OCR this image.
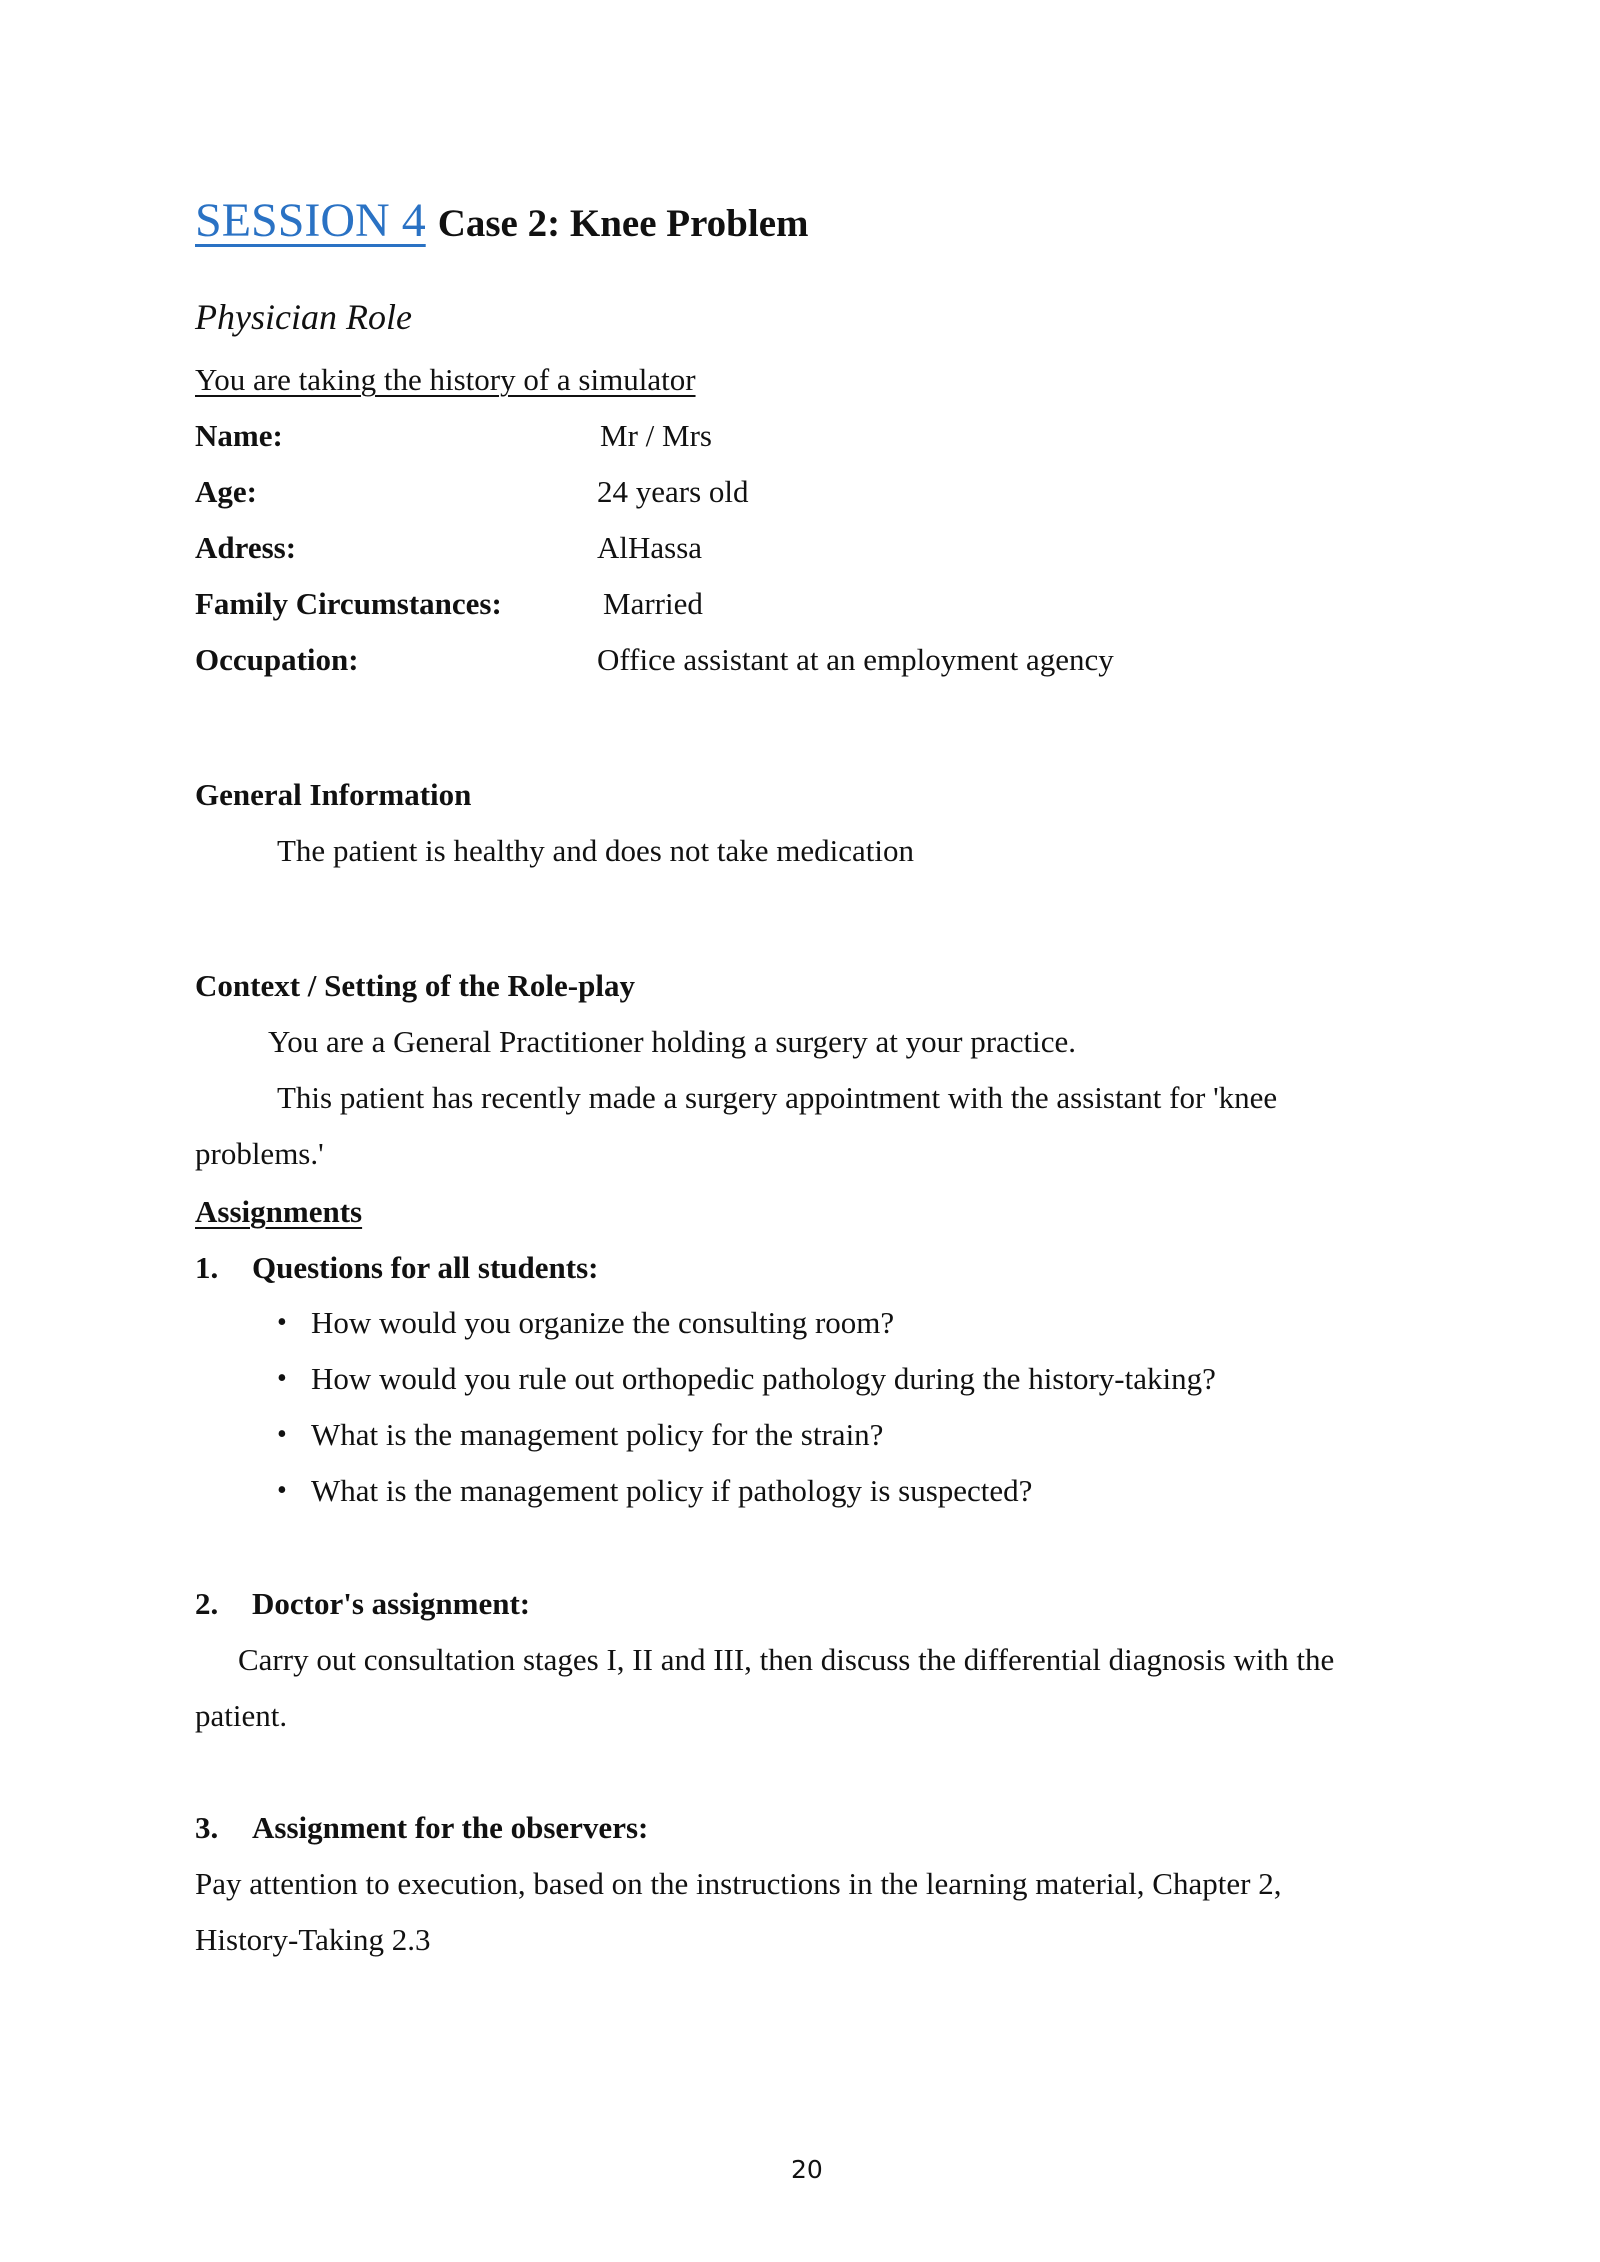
SESSION 4 Case 2: Knee Problem
Physician Role
You are taking the history of a simulator
Name:	Mr / Mrs
Age:	24 years old
Adress:	AlHassa
Family Circumstances:	Married
Occupation:	Office assistant at an employment agency
General Information
The patient is healthy and does not take medication
Context / Setting of the Role-play
You are a General Practitioner holding a surgery at your practice.
This patient has recently made a surgery appointment with the assistant for 'knee
problems.'
Assignments
1. Questions for all students:
• How would you organize the consulting room?
• How would you rule out orthopedic pathology during the history-taking?
• What is the management policy for the strain?
• What is the management policy if pathology is suspected?
2. Doctor's assignment:
Carry out consultation stages I, II and III, then discuss the differential diagnosis with the
patient.
3. Assignment for the observers:
Pay attention to execution, based on the instructions in the learning material, Chapter 2,
History-Taking 2.3
20
